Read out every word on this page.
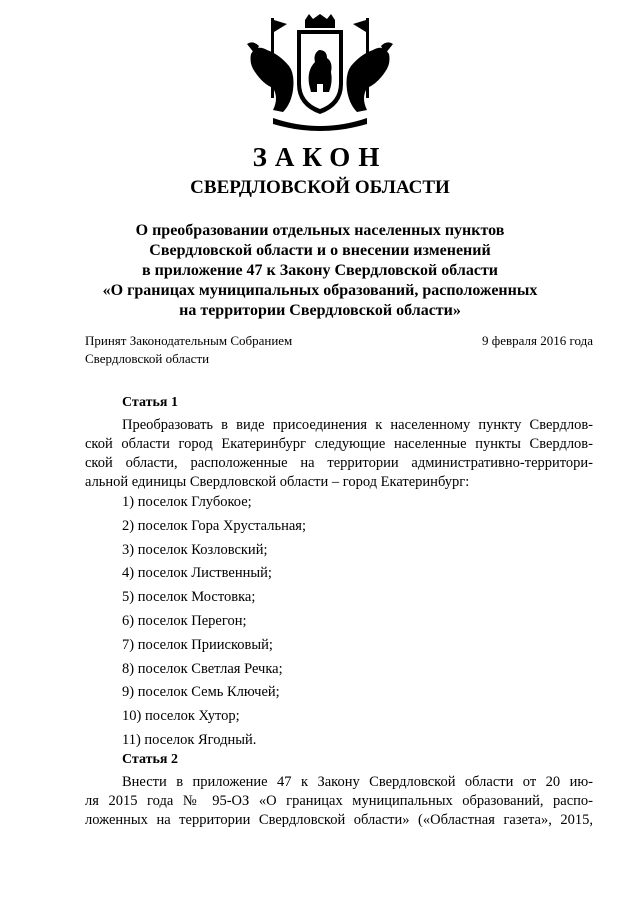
ЗАКОН
СВЕРДЛОВСКОЙ ОБЛАСТИ
О преобразовании отдельных населенных пунктов
Свердловской области и о внесении изменений
в приложение 47 к Закону Свердловской области
«О границах муниципальных образований, расположенных
на территории Свердловской области»
Принят Законодательным Собранием
Свердловской области
9 февраля 2016 года
Статья 1
Преобразовать в виде присоединения к населенному пункту Свердлов-
ской области город Екатеринбург следующие населенные пункты Свердлов-
ской области, расположенные на территории административно-территори-
альной единицы Свердловской области – город Екатеринбург:
1) поселок Глубокое;
2) поселок Гора Хрустальная;
3) поселок Козловский;
4) поселок Лиственный;
5) поселок Мостовка;
6) поселок Перегон;
7) поселок Приисковый;
8) поселок Светлая Речка;
9) поселок Семь Ключей;
10) поселок Хутор;
11) поселок Ягодный.
Статья 2
Внести в приложение 47 к Закону Свердловской области от 20 ию-
ля 2015 года № 95-ОЗ «О границах муниципальных образований, распо-
ложенных на территории Свердловской области» («Областная газета», 2015,
